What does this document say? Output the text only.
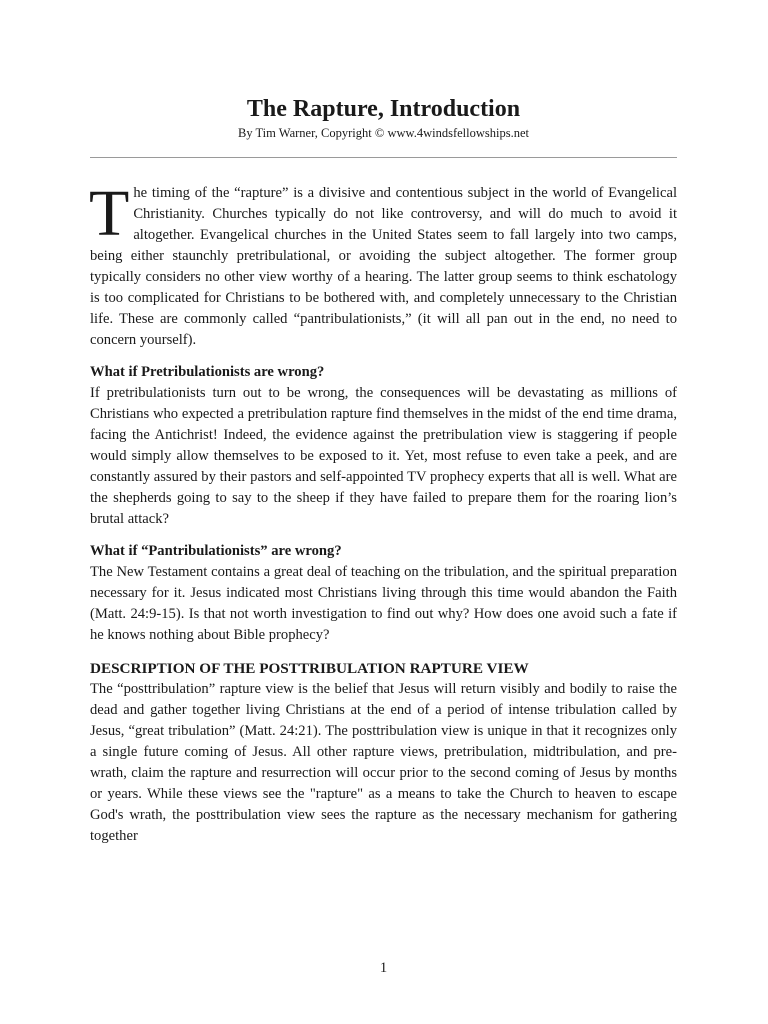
The Rapture, Introduction
By Tim Warner, Copyright © www.4windsfellowships.net

The timing of the “rapture” is a divisive and contentious subject in the world of Evangelical Christianity. Churches typically do not like controversy, and will do much to avoid it altogether. Evangelical churches in the United States seem to fall largely into two camps, being either staunchly pretribulational, or avoiding the subject altogether. The former group typically considers no other view worthy of a hearing. The latter group seems to think eschatology is too complicated for Christians to be bothered with, and completely unnecessary to the Christian life. These are commonly called “pantribulationists,” (it will all pan out in the end, no need to concern yourself).

What if Pretribulationists are wrong?

If pretribulationists turn out to be wrong, the consequences will be devastating as millions of Christians who expected a pretribulation rapture find themselves in the midst of the end time drama, facing the Antichrist! Indeed, the evidence against the pretribulation view is staggering if people would simply allow themselves to be exposed to it. Yet, most refuse to even take a peek, and are constantly assured by their pastors and self-appointed TV prophecy experts that all is well. What are the shepherds going to say to the sheep if they have failed to prepare them for the roaring lion’s brutal attack?

What if “Pantribulationists” are wrong?

The New Testament contains a great deal of teaching on the tribulation, and the spiritual preparation necessary for it. Jesus indicated most Christians living through this time would abandon the Faith (Matt. 24:9-15). Is that not worth investigation to find out why? How does one avoid such a fate if he knows nothing about Bible prophecy?

DESCRIPTION OF THE POSTTRIBULATION RAPTURE VIEW

The “posttribulation” rapture view is the belief that Jesus will return visibly and bodily to raise the dead and gather together living Christians at the end of a period of intense tribulation called by Jesus, “great tribulation” (Matt. 24:21). The posttribulation view is unique in that it recognizes only a single future coming of Jesus. All other rapture views, pretribulation, midtribulation, and pre-wrath, claim the rapture and resurrection will occur prior to the second coming of Jesus by months or years. While these views see the "rapture" as a means to take the Church to heaven to escape God's wrath, the posttribulation view sees the rapture as the necessary mechanism for gathering together

1
